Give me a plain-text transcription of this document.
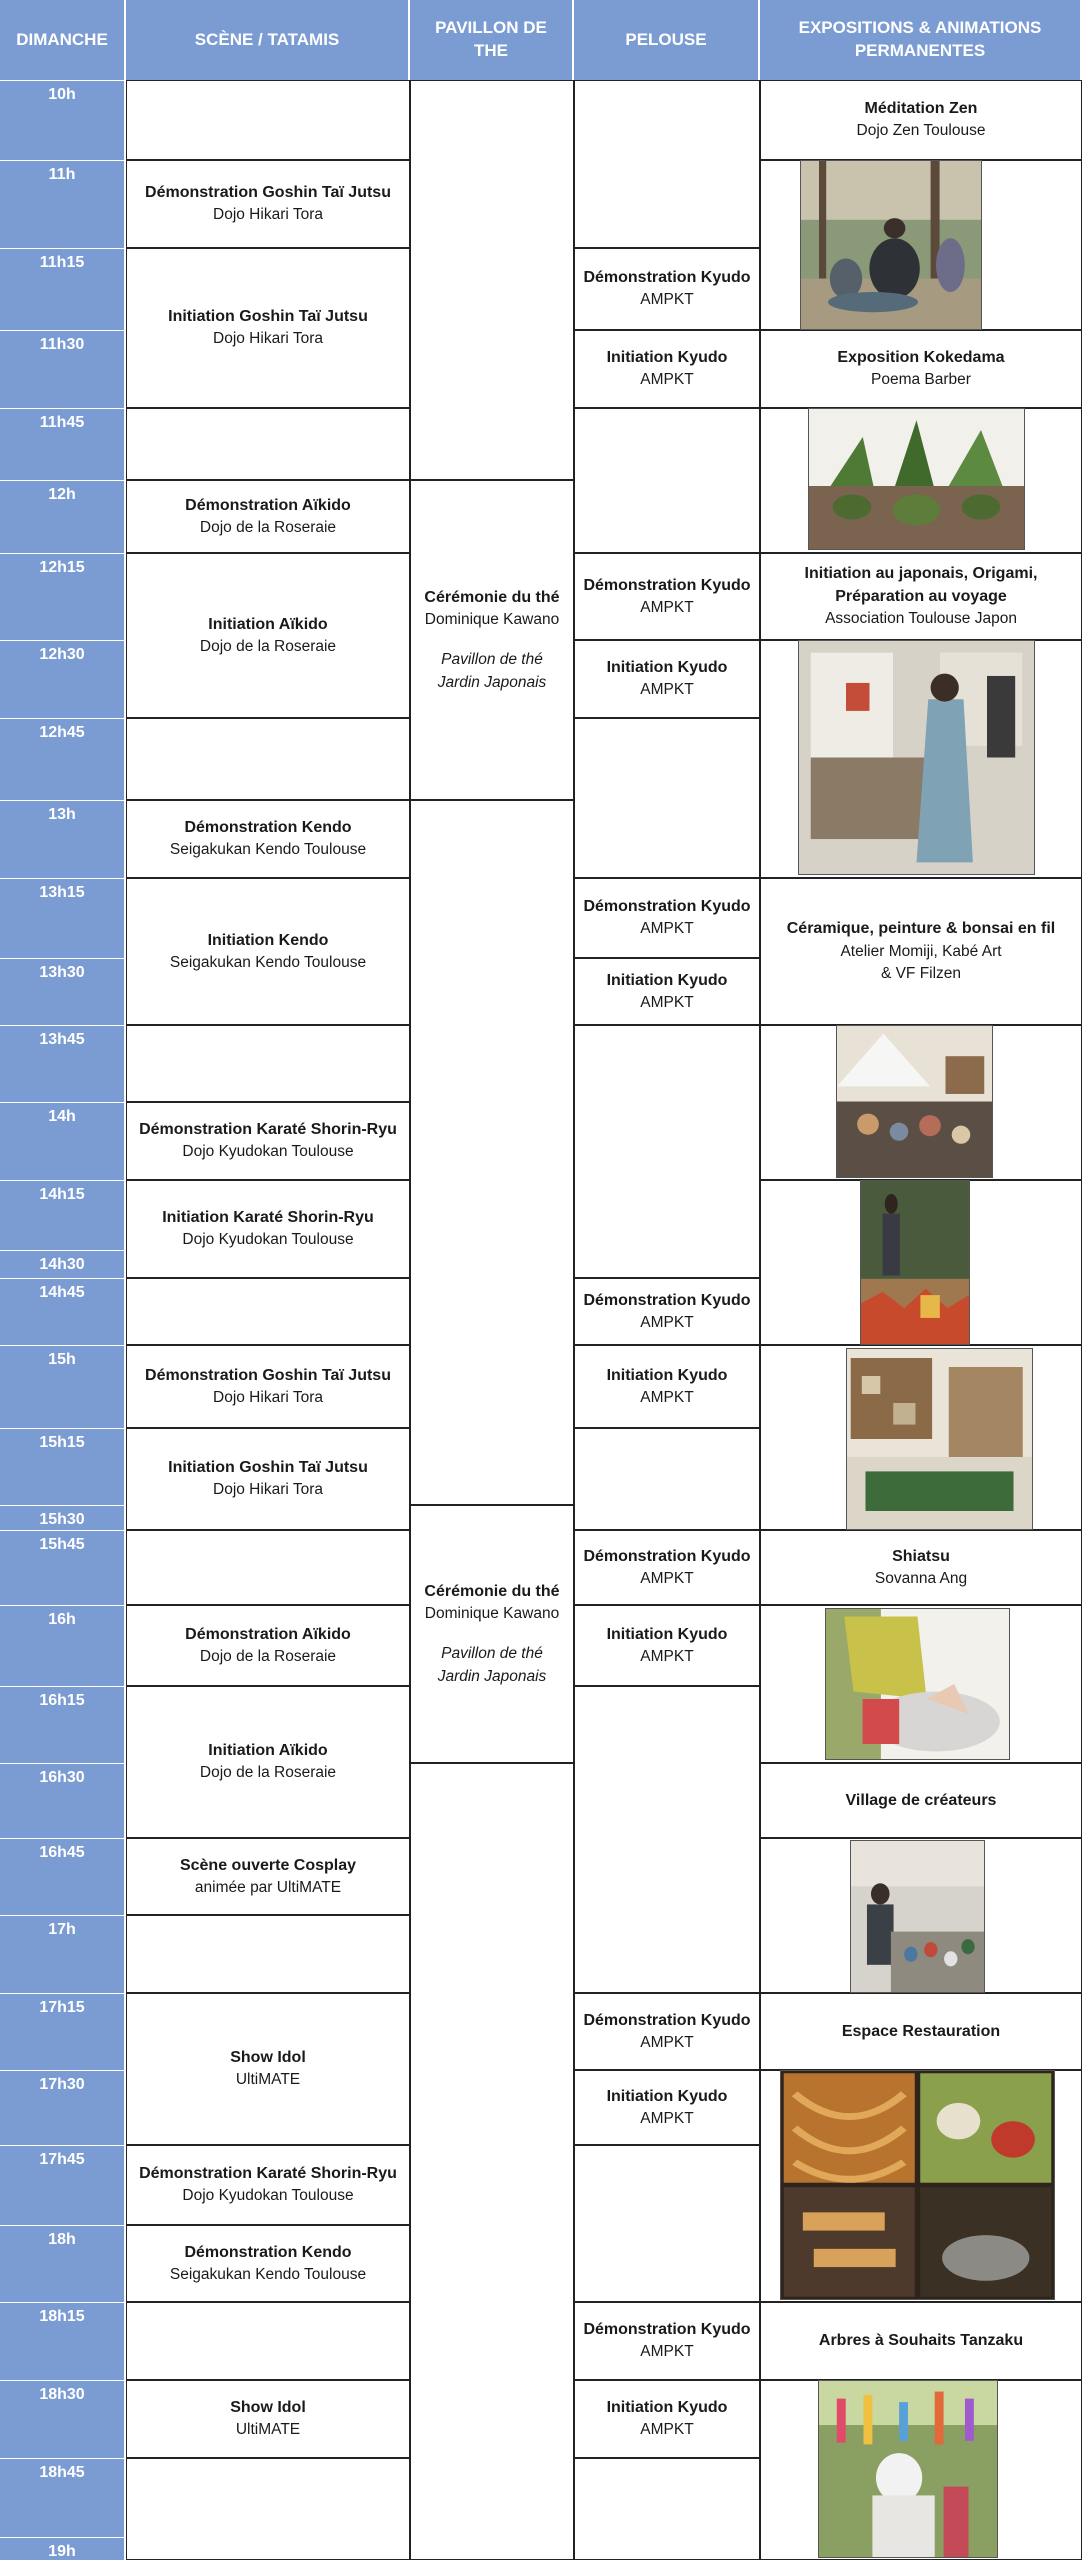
DIMANCHE	SCÈNE / TATAMIS
PAVILLON DE THE
PELOUSE
EXPOSITIONS & ANIMATIONS PERMANENTES
10h
11h
11h15
11h30
11h45
12h
12h15
12h30
12h45
13h
13h15
13h30
13h45
14h
14h15
14h30
14h45
15h
15h15
15h30
15h45
16h
16h15
16h30
16h45
17h
17h15
17h30
17h45
18h
18h15
18h30
18h45
19h
Démonstration Goshin Taï Jutsu
Dojo Hikari Tora
Initiation Goshin Taï Jutsu
Dojo Hikari Tora
Démonstration Aïkido
Dojo de la Roseraie
Initiation Aïkido
Dojo de la Roseraie
Démonstration Kendo
Seigakukan Kendo Toulouse
Initiation Kendo
Seigakukan Kendo Toulouse
Démonstration Karaté Shorin-Ryu
Dojo Kyudokan Toulouse
Initiation Karaté Shorin-Ryu
Dojo Kyudokan Toulouse
Démonstration Goshin Taï Jutsu
Dojo Hikari Tora
Initiation Goshin Taï Jutsu
Dojo Hikari Tora
Démonstration Aïkido
Dojo de la Roseraie
Initiation Aïkido
Dojo de la Roseraie
Scène ouverte Cosplay
animée par UltiMATE
Show Idol
UltiMATE
Démonstration Karaté Shorin-Ryu
Dojo Kyudokan Toulouse
Démonstration Kendo
Seigakukan Kendo Toulouse
Show Idol
UltiMATE
Cérémonie du thé
Dominique Kawano
Pavillon de thé
Jardin Japonais
Cérémonie du thé
Dominique Kawano
Pavillon de thé
Jardin Japonais
Démonstration Kyudo
AMPKT
Initiation Kyudo
AMPKT
Démonstration Kyudo
AMPKT
Initiation Kyudo
AMPKT
Démonstration Kyudo
AMPKT
Initiation Kyudo
AMPKT
Démonstration Kyudo
AMPKT
Initiation Kyudo
AMPKT
Démonstration Kyudo
AMPKT
Initiation Kyudo
AMPKT
Démonstration Kyudo
AMPKT
Initiation Kyudo
AMPKT
Démonstration Kyudo
AMPKT
Initiation Kyudo
AMPKT
Méditation Zen
Dojo Zen Toulouse
Exposition Kokedama
Poema Barber
Initiation au japonais, Origami,
Préparation au voyage
Association Toulouse Japon
Céramique, peinture & bonsai en fil
Atelier Momiji, Kabé Art
& VF Filzen
Shiatsu
Sovanna Ang
Village de créateurs
Espace Restauration
Arbres à Souhaits Tanzaku
